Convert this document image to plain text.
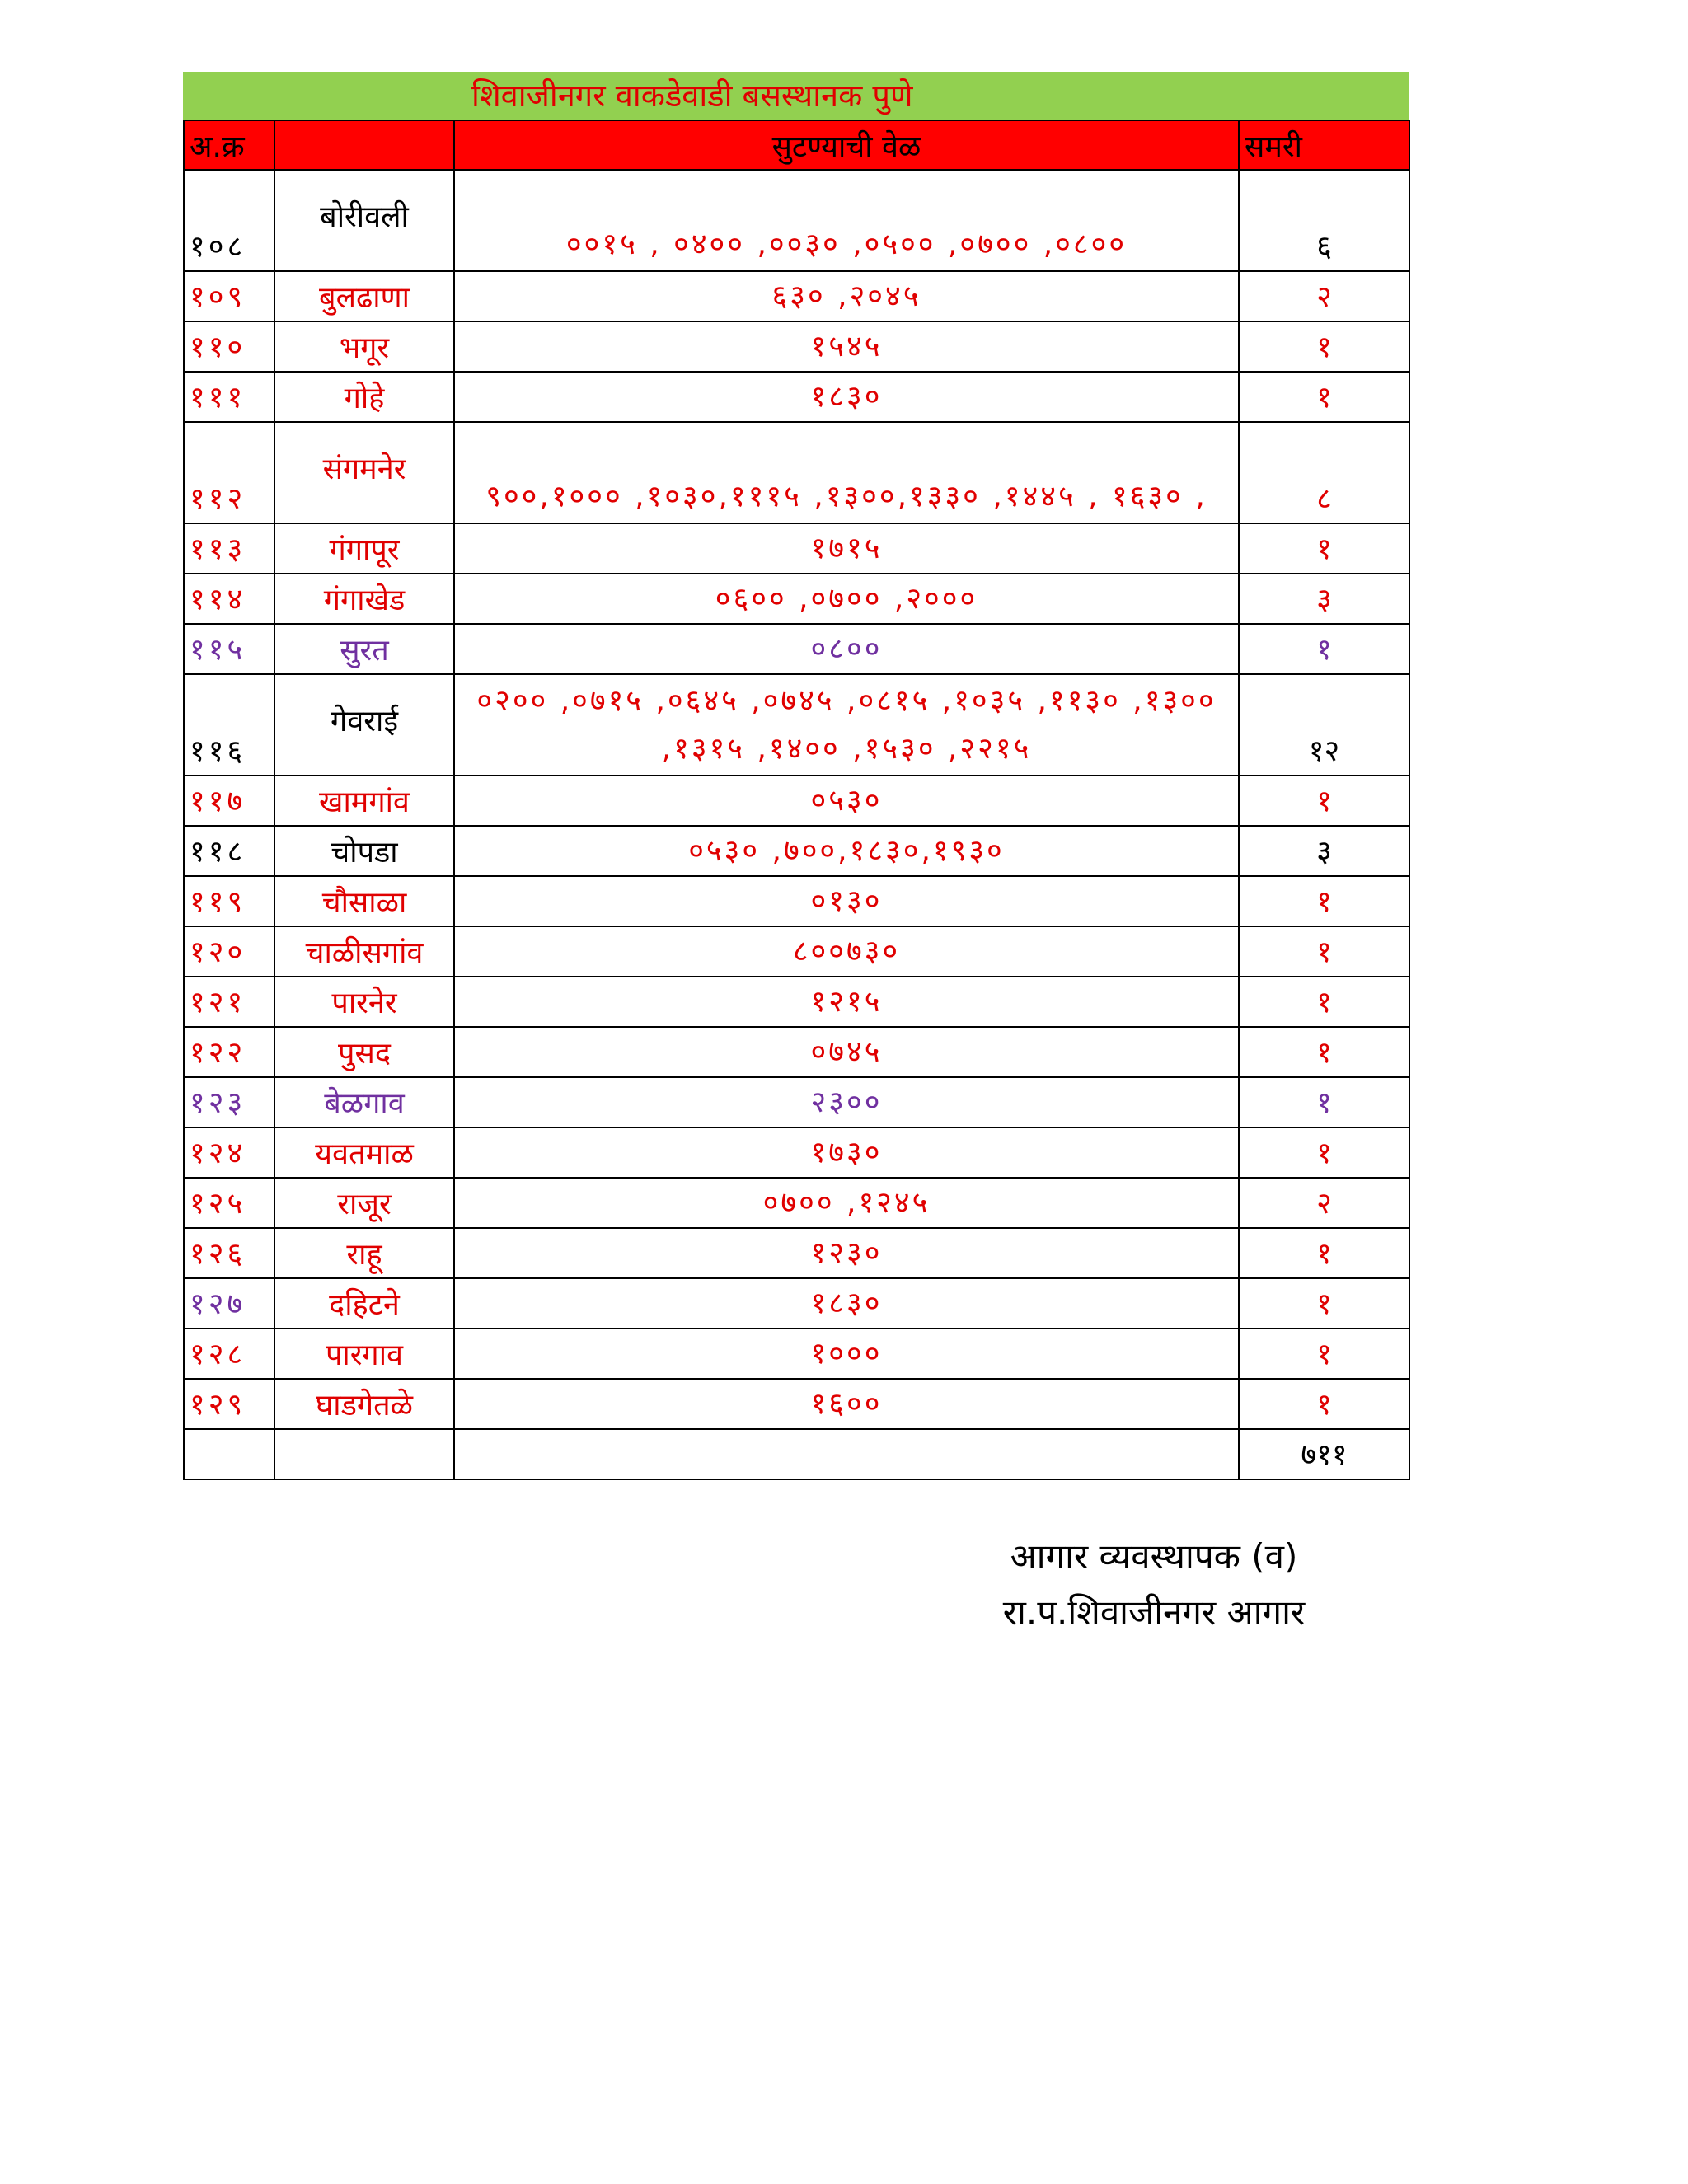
शिवाजीनगर वाकडेवाडी बसस्थानक पुणे
अ.क्र		सुटण्याची वेळ	समरी
१०८	बोरीवली	००१५ , ०४०० ,००३० ,०५०० ,०७०० ,०८००	६
१०९	बुलढाणा	६३० ,२०४५	२
११०	भगूर	१५४५	१
१११	गोहे	१८३०	१
११२	संगमनेर	९००,१००० ,१०३०,१११५ ,१३००,१३३० ,१४४५ , १६३० ,	८
११३	गंगापूर	१७१५	१
११४	गंगाखेड	०६०० ,०७०० ,२०००	३
११५	सुरत	०८००	१
११६	गेवराई	०२०० ,०७१५ ,०६४५ ,०७४५ ,०८१५ ,१०३५ ,११३० ,१३०० ,१३१५ ,१४०० ,१५३० ,२२१५	१२
११७	खामगांव	०५३०	१
११८	चोपडा	०५३० ,७००,१८३०,१९३०	३
११९	चौसाळा	०१३०	१
१२०	चाळीसगांव	८००७३०	१
१२१	पारनेर	१२१५	१
१२२	पुसद	०७४५	१
१२३	बेळगाव	२३००	१
१२४	यवतमाळ	१७३०	१
१२५	राजूर	०७०० ,१२४५	२
१२६	राहू	१२३०	१
१२७	दहिटने	१८३०	१
१२८	पारगाव	१०००	१
१२९	घाडगेतळे	१६००	१
			७११
आगार व्यवस्थापक (व)
रा.प.शिवाजीनगर आगार
